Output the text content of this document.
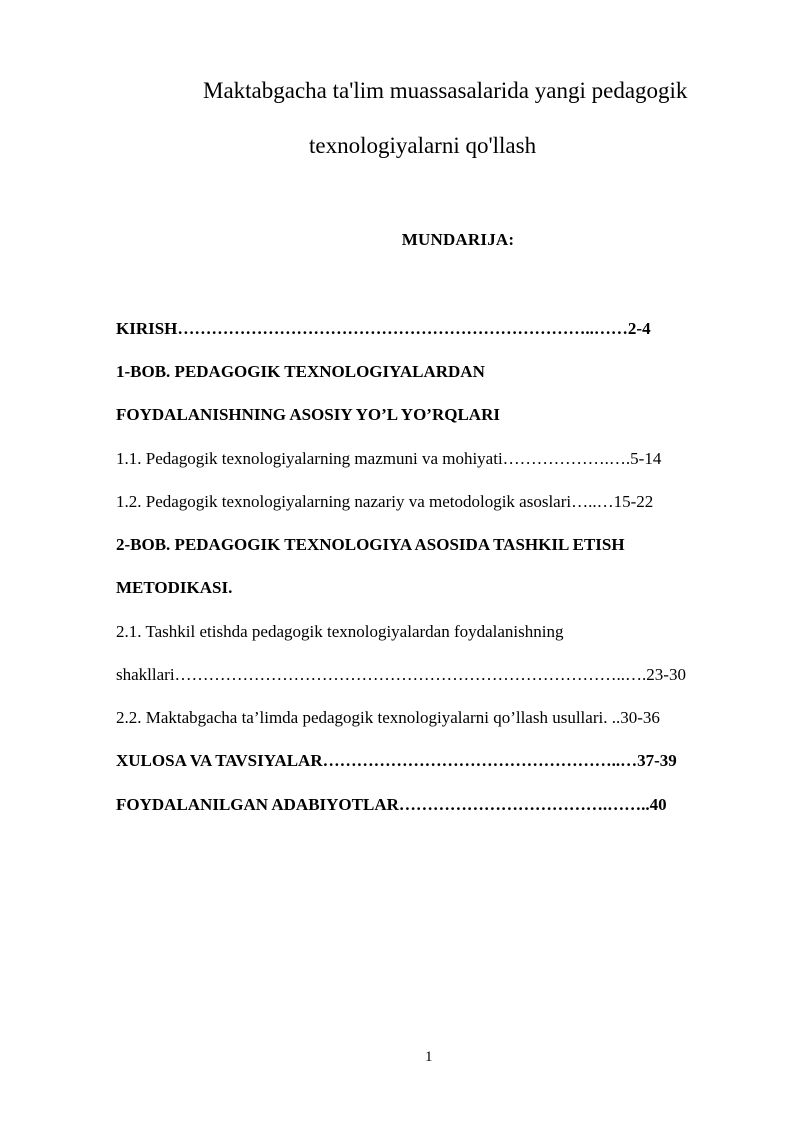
Maktabgacha ta'lim muassasalarida yangi pedagogik
texnologiyalarni qo'llash
MUNDARIJA:
KIRISH………………………………………………………………..……2-4
1-BOB. PEDAGOGIK TEXNOLOGIYALARDAN
FOYDALANISHNING ASOSIY YO’L YO’RQLARI
1.1. Pedagogik texnologiyalarning mazmuni va mohiyati……………….….5-14
1.2. Pedagogik texnologiyalarning nazariy va metodologik asoslari…..…15-22
2-BOB. PEDAGOGIK TEXNOLOGIYA ASOSIDA TASHKIL ETISH
METODIKASI.
2.1. Tashkil etishda pedagogik texnologiyalardan foydalanishning
shakllari……………………………………………………………………..….23-30
2.2. Maktabgacha ta’limda pedagogik texnologiyalarni qo’llash usullari. ..30-36
XULOSA VA TAVSIYALAR……………………………………………..…37-39
FOYDALANILGAN ADABIYOTLAR……………………………….……..40
1
